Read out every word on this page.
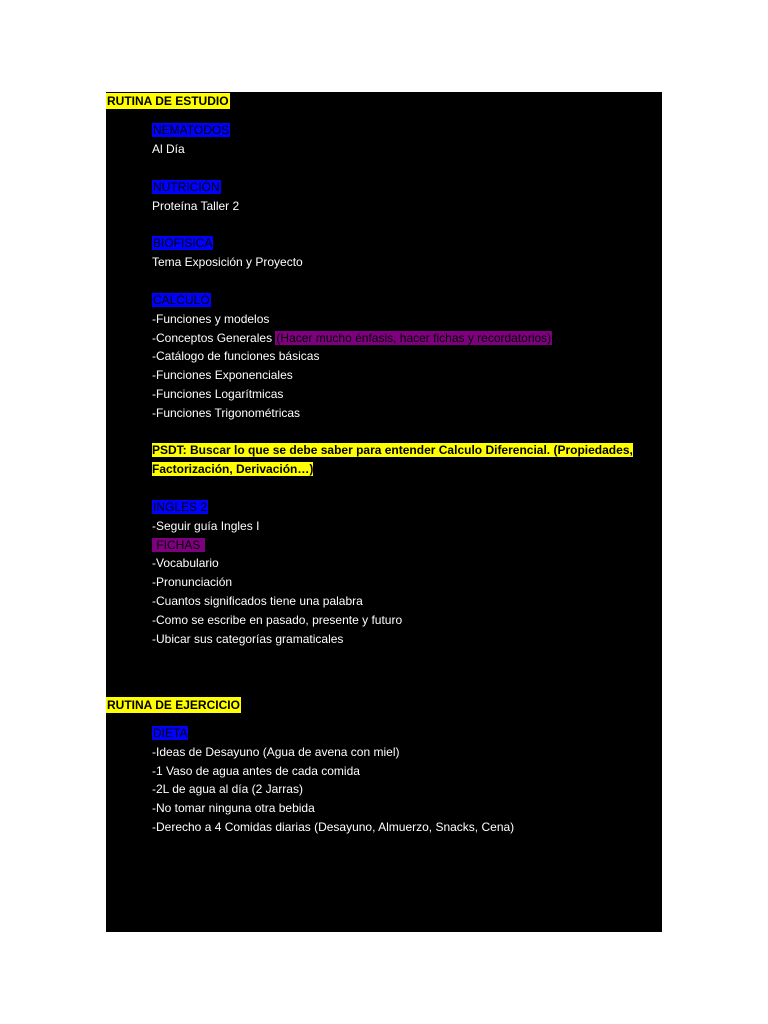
RUTINA DE ESTUDIO
NEMATODOS
Al Día
NUTRICIÓN
Proteína Taller 2
BIOFISICA
Tema Exposición y Proyecto
CALCULO
-Funciones y modelos
-Conceptos Generales (Hacer mucho énfasis, hacer fichas y recordatorios)
-Catálogo de funciones básicas
-Funciones Exponenciales
-Funciones Logarítmicas
-Funciones Trigonométricas
PSDT: Buscar lo que se debe saber para entender Calculo Diferencial. (Propiedades,
Factorización, Derivación…)
INGLES 2
-Seguir guía Ingles I
FICHAS
-Vocabulario
-Pronunciación
-Cuantos significados tiene una palabra
-Como se escribe en pasado, presente y futuro
-Ubicar sus categorías gramaticales
RUTINA DE EJERCICIO
DIETA
-Ideas de Desayuno (Agua de avena con miel)
-1 Vaso de agua antes de cada comida
-2L de agua al día (2 Jarras)
-No tomar ninguna otra bebida
-Derecho a 4 Comidas diarias (Desayuno, Almuerzo, Snacks, Cena)
